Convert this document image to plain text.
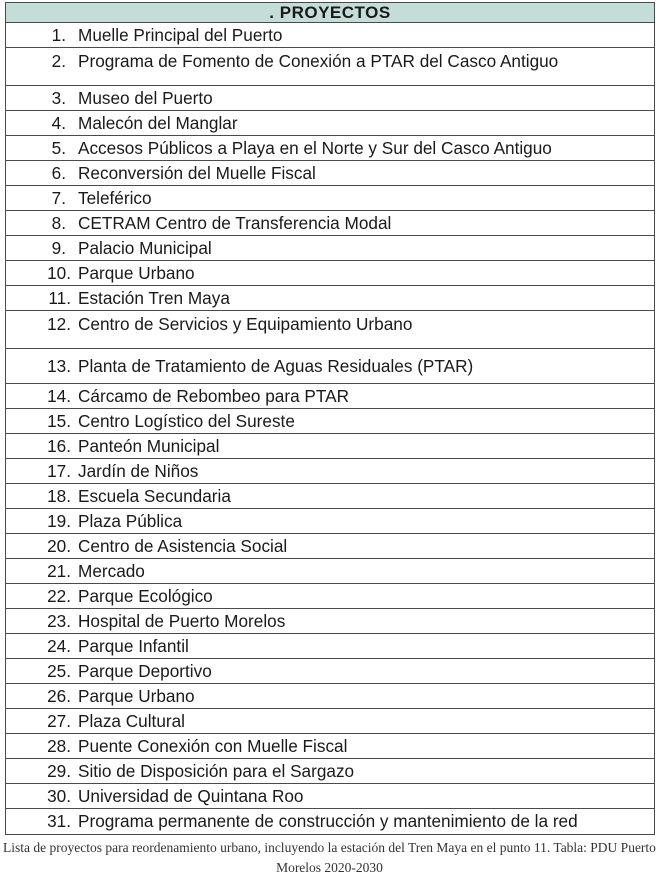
. PROYECTOS
1. Muelle Principal del Puerto
2. Programa de Fomento de Conexión a PTAR del Casco Antiguo
3. Museo del Puerto
4. Malecón del Manglar
5. Accesos Públicos a Playa en el Norte y Sur del Casco Antiguo
6. Reconversión del Muelle Fiscal
7. Teleférico
8. CETRAM Centro de Transferencia Modal
9. Palacio Municipal
10. Parque Urbano
11. Estación Tren Maya
12. Centro de Servicios y Equipamiento Urbano
13. Planta de Tratamiento de Aguas Residuales (PTAR)
14. Cárcamo de Rebombeo para PTAR
15. Centro Logístico del Sureste
16. Panteón Municipal
17. Jardín de Niños
18. Escuela Secundaria
19. Plaza Pública
20. Centro de Asistencia Social
21. Mercado
22. Parque Ecológico
23. Hospital de Puerto Morelos
24. Parque Infantil
25. Parque Deportivo
26. Parque Urbano
27. Plaza Cultural
28. Puente Conexión con Muelle Fiscal
29. Sitio de Disposición para el Sargazo
30. Universidad de Quintana Roo
31. Programa permanente de construcción y mantenimiento de la red
Lista de proyectos para reordenamiento urbano, incluyendo la estación del Tren Maya en el punto 11. Tabla: PDU Puerto Morelos 2020-2030
